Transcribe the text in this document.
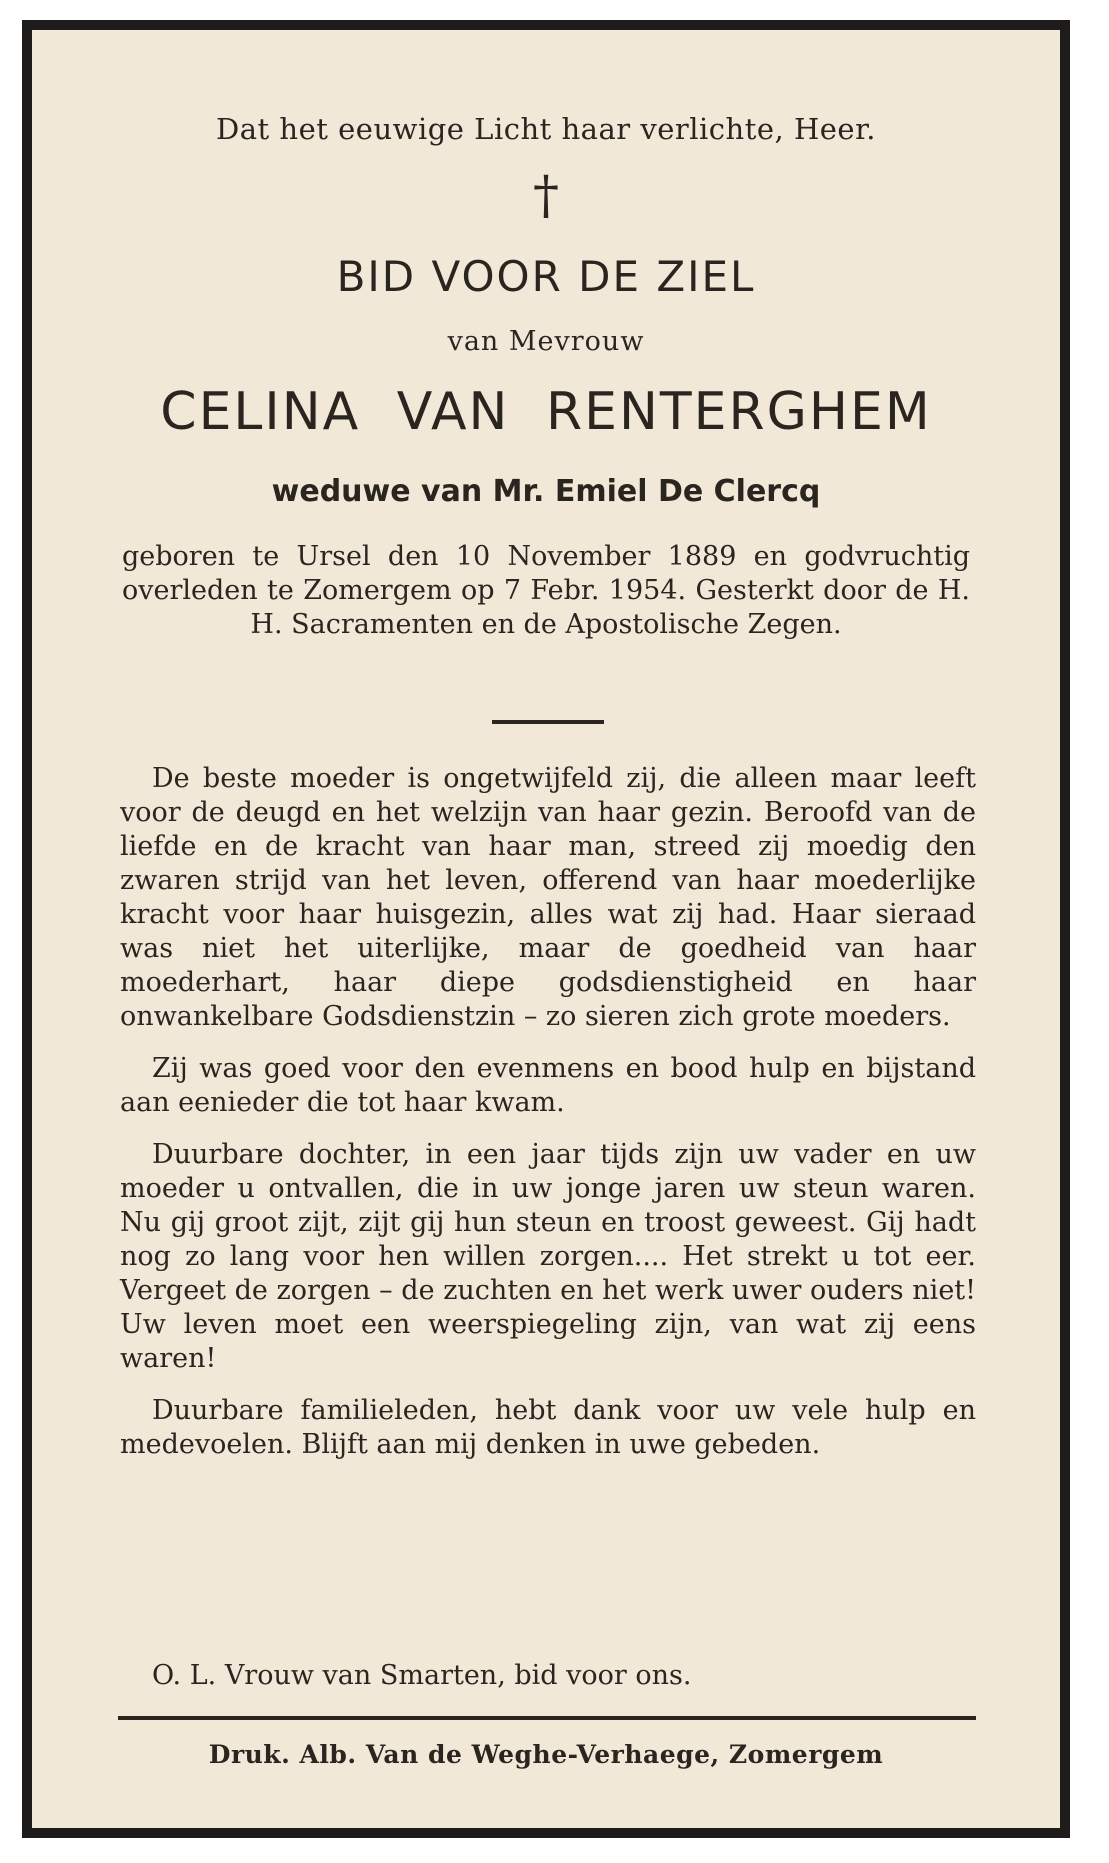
Dat het eeuwige Licht haar verlichte, Heer.
†
BID VOOR DE ZIEL
van Mevrouw
CELINA VAN RENTERGHEM
weduwe van Mr. Emiel De Clercq
geboren te Ursel den 10 November 1889 en godvruchtig overleden te Zomergem op 7 Febr. 1954. Gesterkt door de H. H. Sacramenten en de Apostolische Zegen.

De beste moeder is ongetwijfeld zij, die alleen maar leeft voor de deugd en het welzijn van haar gezin. Beroofd van de liefde en de kracht van haar man, streed zij moedig den zwaren strijd van het leven, offerend van haar moederlijke kracht voor haar huisgezin, alles wat zij had. Haar sieraad was niet het uiterlijke, maar de goedheid van haar moederhart, haar diepe godsdienstigheid en haar onwankelbare Godsdienstzin – zo sieren zich grote moeders.

Zij was goed voor den evenmens en bood hulp en bijstand aan eenieder die tot haar kwam.

Duurbare dochter, in een jaar tijds zijn uw vader en uw moeder u ontvallen, die in uw jonge jaren uw steun waren. Nu gij groot zijt, zijt gij hun steun en troost geweest. Gij hadt nog zo lang voor hen willen zorgen.... Het strekt u tot eer. Vergeet de zorgen – de zuchten en het werk uwer ouders niet! Uw leven moet een weerspiegeling zijn, van wat zij eens waren!

Duurbare familieleden, hebt dank voor uw vele hulp en medevoelen. Blijft aan mij denken in uwe gebeden.

O. L. Vrouw van Smarten, bid voor ons.
Druk. Alb. Van de Weghe-Verhaege, Zomergem
